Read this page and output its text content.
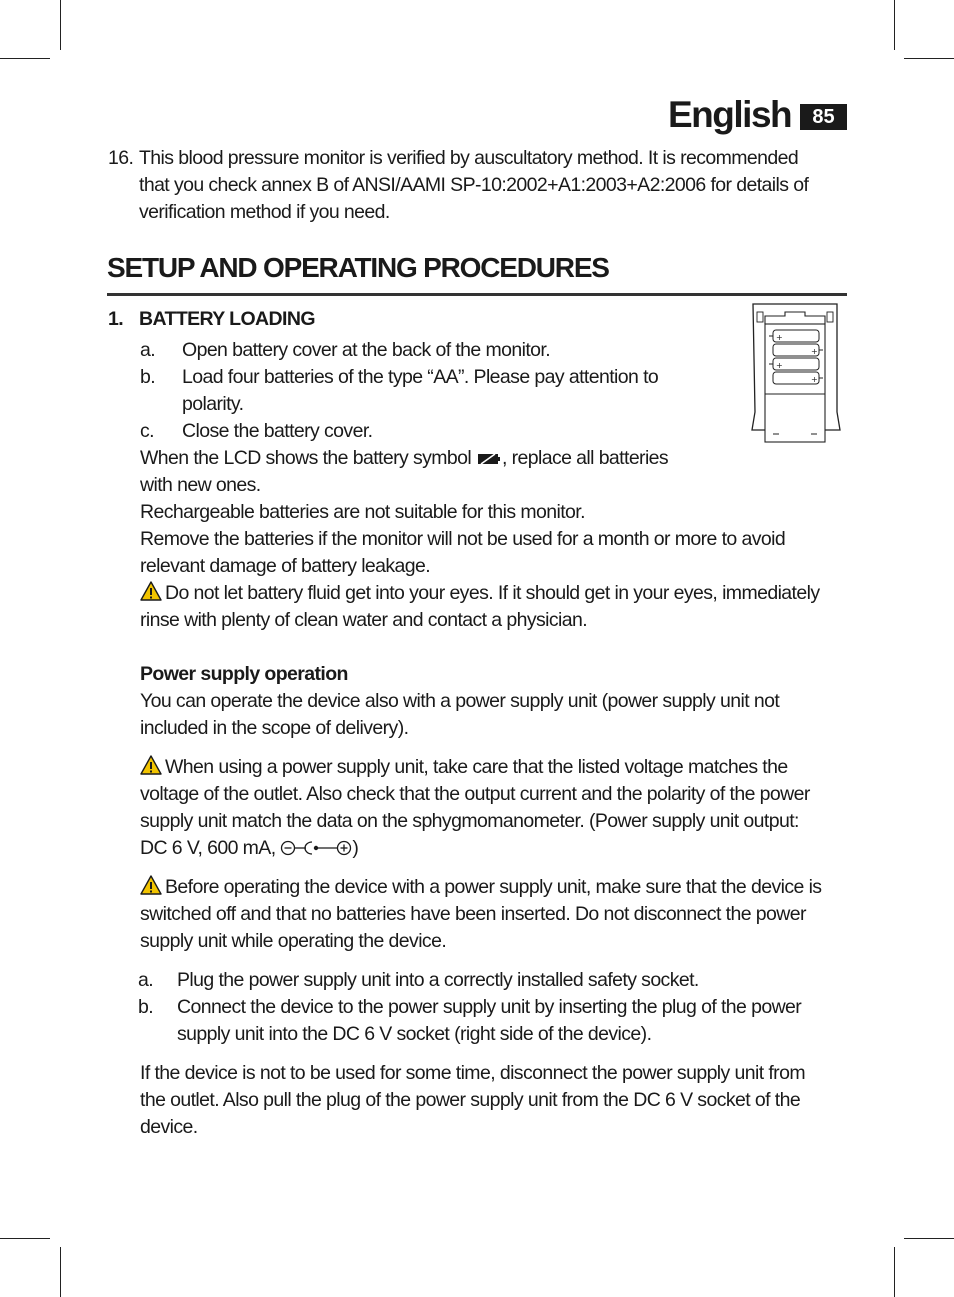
English	85
16. This blood pressure monitor is verified by auscultatory method. It is recommended
that you check annex B of ANSI/AAMI SP-10:2002+A1:2003+A2:2006 for details of
verification method if you need.
SETUP AND OPERATING PROCEDURES
1. BATTERY LOADING
a. Open battery cover at the back of the monitor.
b. Load four batteries of the type “AA”. Please pay attention to
polarity.
c. Close the battery cover.
When the LCD shows the battery symbol , replace all batteries
with new ones.
Rechargeable batteries are not suitable for this monitor.
Remove the batteries if the monitor will not be used for a month or more to avoid
relevant damage of battery leakage.
Do not let battery fluid get into your eyes. If it should get in your eyes, immediately
rinse with plenty of clean water and contact a physician.
+
+
+
+
Power supply operation
You can operate the device also with a power supply unit (power supply unit not
included in the scope of delivery).
When using a power supply unit, take care that the listed voltage matches the
voltage of the outlet. Also check that the output current and the polarity of the power
supply unit match the data on the sphygmomanometer. (Power supply unit output:
DC 6 V, 600 mA,	)
Before operating the device with a power supply unit, make sure that the device is
switched off and that no batteries have been inserted. Do not disconnect the power
supply unit while operating the device.
a. Plug the power supply unit into a correctly installed safety socket.
b. Connect the device to the power supply unit by inserting the plug of the power
supply unit into the DC 6 V socket (right side of the device).
If the device is not to be used for some time, disconnect the power supply unit from
the outlet. Also pull the plug of the power supply unit from the DC 6 V socket of the
device.
